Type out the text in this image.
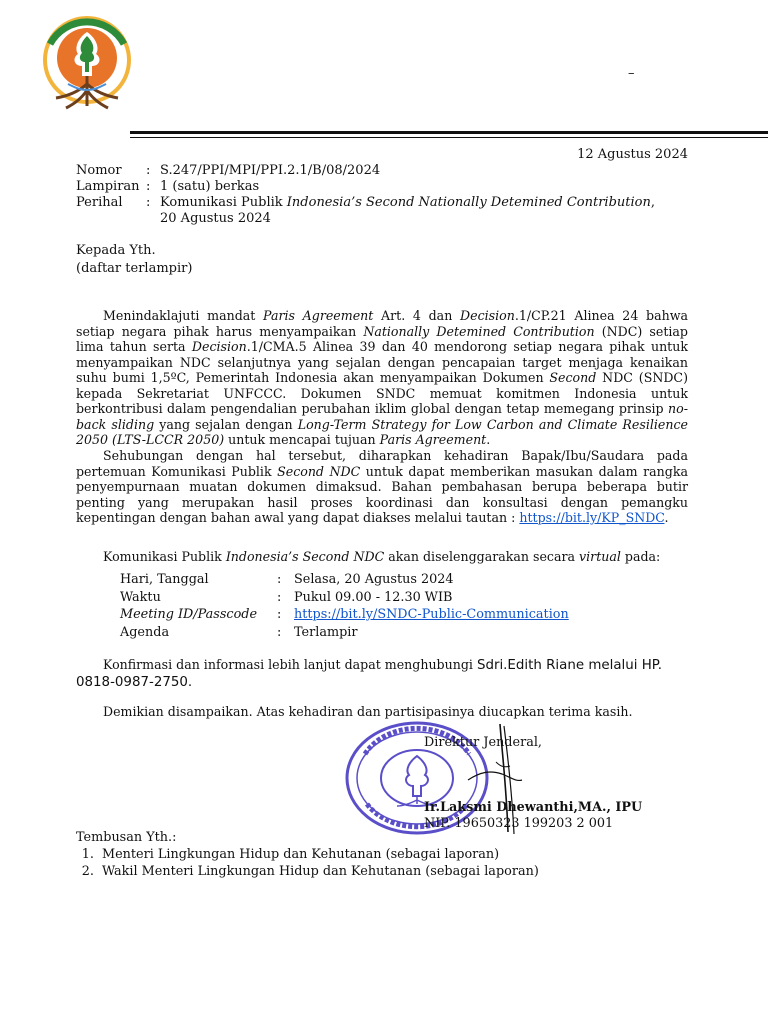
–
12 Agustus 2024
Nomor	: S.247/PPI/MPI/PPI.2.1/B/08/2024
Lampiran : 1 (satu) berkas
Perihal	: Komunikasi Publik Indonesia’s Second Nationally Detemined Contribution,
20 Agustus 2024
Kepada Yth.
(daftar terlampir)
Menindaklajuti mandat Paris Agreement Art. 4 dan Decision.1/CP.21 Alinea 24 bahwa setiap negara pihak harus menyampaikan Nationally Detemined Contribution (NDC) setiap lima tahun serta Decision.1/CMA.5 Alinea 39 dan 40 mendorong setiap negara pihak untuk menyampaikan NDC selanjutnya yang sejalan dengan pencapaian target menjaga kenaikan suhu bumi 1,5ºC, Pemerintah Indonesia akan menyampaikan Dokumen Second NDC (SNDC) kepada Sekretariat UNFCCC. Dokumen SNDC memuat komitmen Indonesia untuk berkontribusi dalam pengendalian perubahan iklim global dengan tetap memegang prinsip no-back sliding yang sejalan dengan Long-Term Strategy for Low Carbon and Climate Resilience 2050 (LTS-LCCR 2050) untuk mencapai tujuan Paris Agreement.
Sehubungan dengan hal tersebut, diharapkan kehadiran Bapak/Ibu/Saudara pada pertemuan Komunikasi Publik Second NDC untuk dapat memberikan masukan dalam rangka penyempurnaan muatan dokumen dimaksud. Bahan pembahasan berupa beberapa butir penting yang merupakan hasil proses koordinasi dan konsultasi dengan pemangku kepentingan dengan bahan awal yang dapat diakses melalui tautan : https://bit.ly/KP_SNDC.
Komunikasi Publik Indonesia’s Second NDC akan diselenggarakan secara virtual pada:
Hari, Tanggal	: Selasa, 20 Agustus 2024
Waktu	: Pukul 09.00 - 12.30 WIB
Meeting ID/Passcode	: https://bit.ly/SNDC-Public-Communication
Agenda	: Terlampir
Konfirmasi dan informasi lebih lanjut dapat menghubungi Sdri.Edith Riane melalui HP. 0818-0987-2750.
Demikian disampaikan. Atas kehadiran dan partisipasinya diucapkan terima kasih.
Direktur Jenderal,
Ir.Laksmi Dhewanthi,MA., IPU
NIP. 19650323 199203 2 001
Tembusan Yth.:
1. Menteri Lingkungan Hidup dan Kehutanan (sebagai laporan)
2. Wakil Menteri Lingkungan Hidup dan Kehutanan (sebagai laporan)
